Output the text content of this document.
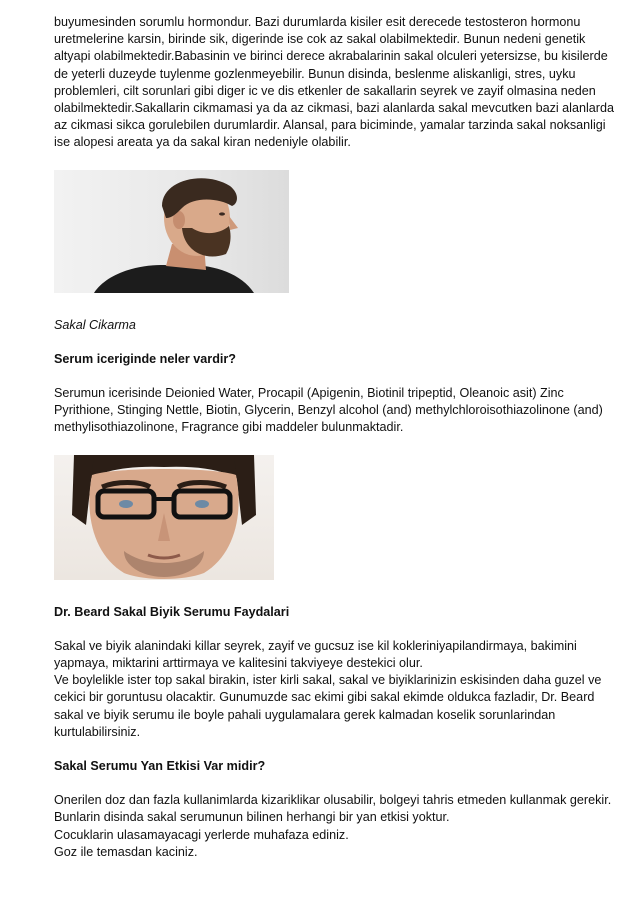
buyumesinden sorumlu hormondur. Bazi durumlarda kisiler esit derecede testosteron hormonu uretmelerine karsin, birinde sik, digerinde ise cok az sakal olabilmektedir. Bunun nedeni genetik altyapi olabilmektedir.Babasinin ve birinci derece akrabalarinin sakal olculeri yetersizse, bu kisilerde de yeterli duzeyde tuylenme gozlenmeyebilir. Bunun disinda, beslenme aliskanligi, stres, uyku problemleri, cilt sorunlari gibi diger ic ve dis etkenler de sakallarin seyrek ve zayif olmasina neden olabilmektedir.Sakallarin cikmamasi ya da az cikmasi, bazi alanlarda sakal mevcutken bazi alanlarda az cikmasi sikca gorulebilen durumlardir. Alansal, para biciminde, yamalar tarzinda sakal noksanligi ise alopesi areata ya da sakal kiran nedeniyle olabilir.

Sakal Cikarma

Serum iceriginde neler vardir?

Serumun icerisinde Deionied Water, Procapil (Apigenin, Biotinil tripeptid, Oleanoic asit) Zinc Pyrithione, Stinging Nettle, Biotin, Glycerin, Benzyl alcohol (and) methylchloroisothiazolinone (and) methylisothiazolinone, Fragrance gibi maddeler bulunmaktadir.

Dr. Beard Sakal Biyik Serumu Faydalari

Sakal ve biyik alanindaki killar seyrek, zayif ve gucsuz ise kil kokleriniyapilandirmaya, bakimini yapmaya, miktarini arttirmaya ve kalitesini takviyeye destekici olur.

Ve boylelikle ister top sakal birakin, ister kirli sakal, sakal ve biyiklarinizin eskisinden daha guzel ve cekici bir goruntusu olacaktir. Gunumuzde sac ekimi gibi sakal ekimde oldukca fazladir, Dr. Beard sakal ve biyik serumu ile boyle pahali uygulamalara gerek kalmadan koselik sorunlarindan kurtulabilirsiniz.

Sakal Serumu Yan Etkisi Var midir?

Onerilen doz dan fazla kullanimlarda kizariklikar olusabilir, bolgeyi tahris etmeden kullanmak gerekir. Bunlarin disinda sakal serumunun bilinen herhangi bir yan etkisi yoktur.

Cocuklarin ulasamayacagi yerlerde muhafaza ediniz.

Goz ile temasdan kaciniz.
